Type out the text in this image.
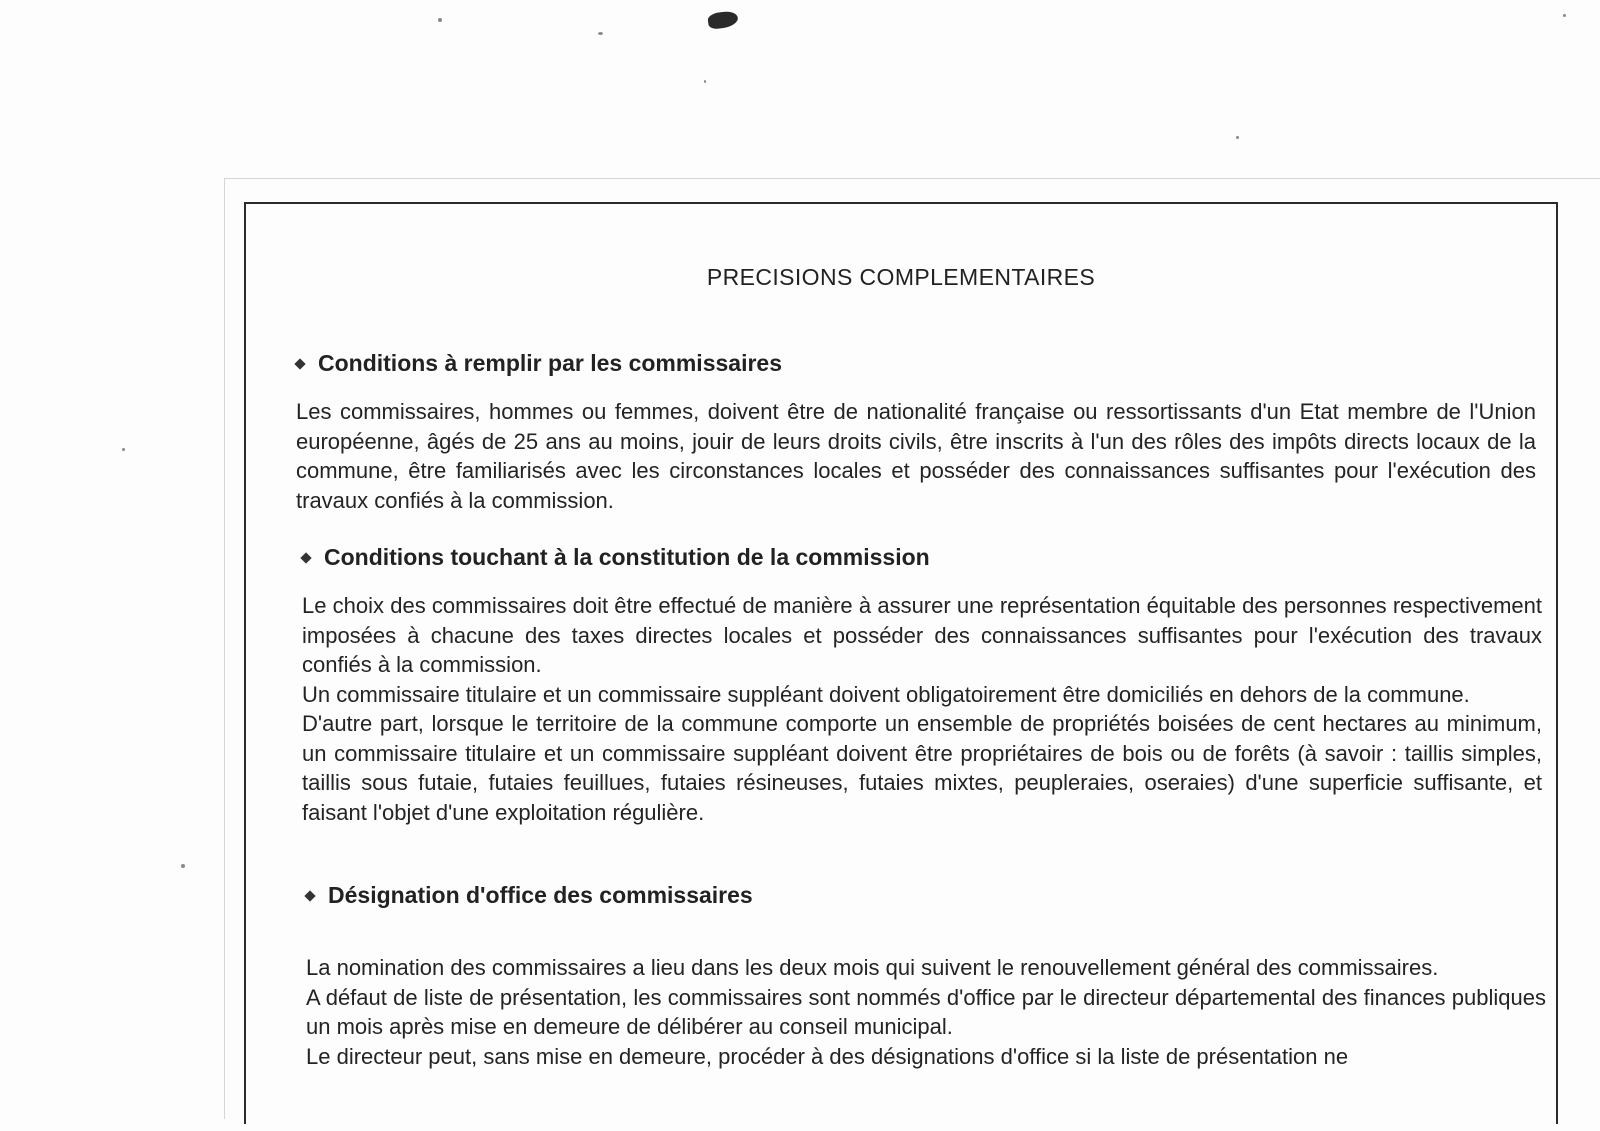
PRECISIONS COMPLEMENTAIRES
Conditions à remplir par les commissaires

Les commissaires, hommes ou femmes, doivent être de nationalité française ou ressortissants d'un Etat membre de l'Union européenne, âgés de 25 ans au moins, jouir de leurs droits civils, être inscrits à l'un des rôles des impôts directs locaux de la commune, être familiarisés avec les circonstances locales et posséder des connaissances suffisantes pour l'exécution des travaux confiés à la commission.

Conditions touchant à la constitution de la commission

Le choix des commissaires doit être effectué de manière à assurer une représentation équitable des personnes respectivement imposées à chacune des taxes directes locales et posséder des connaissances suffisantes pour l'exécution des travaux confiés à la commission.

Un commissaire titulaire et un commissaire suppléant doivent obligatoirement être domiciliés en dehors de la commune.

D'autre part, lorsque le territoire de la commune comporte un ensemble de propriétés boisées de cent hectares au minimum, un commissaire titulaire et un commissaire suppléant doivent être propriétaires de bois ou de forêts (à savoir : taillis simples, taillis sous futaie, futaies feuillues, futaies résineuses, futaies mixtes, peupleraies, oseraies) d'une superficie suffisante, et faisant l'objet d'une exploitation régulière.

Désignation d'office des commissaires

La nomination des commissaires a lieu dans les deux mois qui suivent le renouvellement général des commissaires.

A défaut de liste de présentation, les commissaires sont nommés d'office par le directeur départemental des finances publiques un mois après mise en demeure de délibérer au conseil municipal.

Le directeur peut, sans mise en demeure, procéder à des désignations d'office si la liste de présentation ne
